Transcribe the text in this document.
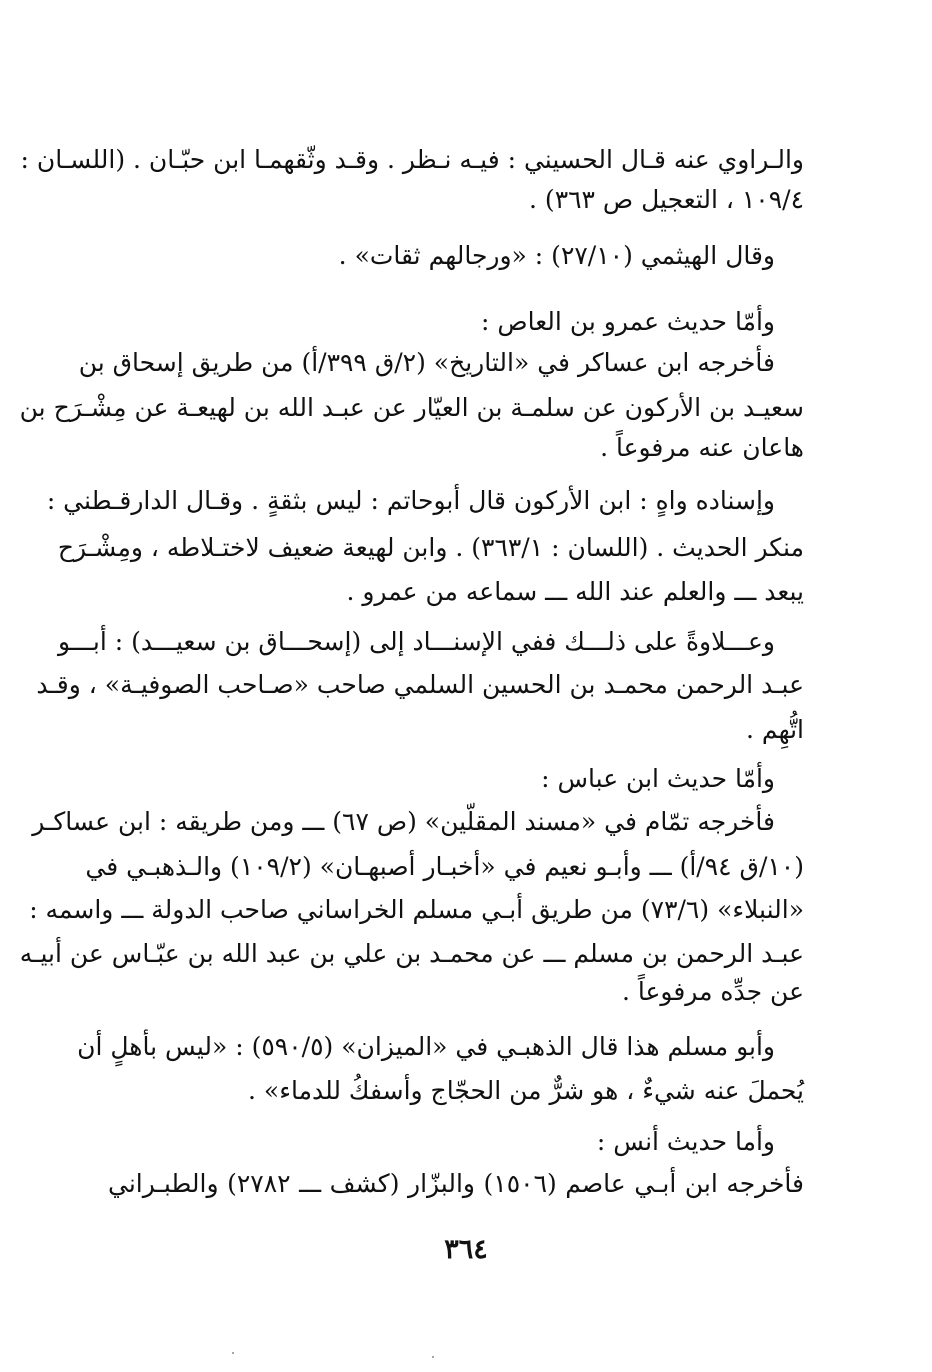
والـراوي عنه قـال الحسيني : فيـه نـظر . وقـد وثّقهمـا ابن حبّـان . (اللسـان :
١٠٩/٤ ، التعجيل ص ٣٦٣) .
وقال الهيثمي (٢٧/١٠) : «ورجالهم ثقات» .
وأمّا حديث عمرو بن العاص :
فأخرجه ابن عساكر في «التاريخ» (٢/ق ٣٩٩/أ) من طريق إسحاق بن
سعيـد بن الأركون عن سلمـة بن العيّار عن عبـد الله بن لهيعـة عن مِشْـرَح بن
هاعان عنه مرفوعاً .
وإسناده واهٍ : ابن الأركون قال أبوحاتم : ليس بثقةٍ . وقـال الدارقـطني :
منكر الحديث . (اللسان : ٣٦٣/١) . وابن لهيعة ضعيف لاختـلاطه ، ومِشْـرَح
يبعد ـــ والعلم عند الله ـــ سماعه من عمرو .
وعـــلاوةً على ذلـــك ففي الإسنـــاد إلى (إسحـــاق بن سعيـــد) : أبـــو
عبـد الرحمن محمـد بن الحسين السلمي صاحب «صـاحب الصوفيـة» ، وقـد
اتُّهِم .
وأمّا حديث ابن عباس :
فأخرجه تمّام في «مسند المقلّين» (ص ٦٧) ـــ ومن طريقه : ابن عساكـر
(١٠/ق ٩٤/أ) ـــ وأبـو نعيم في «أخبـار أصبهـان» (١٠٩/٢) والـذهبـي في
«النبلاء» (٧٣/٦) من طريق أبـي مسلم الخراساني صاحب الدولة ـــ واسمه :
عبـد الرحمن بن مسلم ـــ عن محمـد بن علي بن عبد الله بن عبّـاس عن أبيـه
عن جدِّه مرفوعاً .
وأبو مسلم هذا قال الذهبـي في «الميزان» (٥٩٠/٥) : «ليس بأهلٍ أن
يُحملَ عنه شيءٌ ، هو شرٌّ من الحجّاج وأسفكُ للدماء» .
وأما حديث أنس :
فأخرجه ابن أبـي عاصم (١٥٠٦) والبزّار (كشف ـــ ٢٧٨٢) والطبـراني
٣٦٤
